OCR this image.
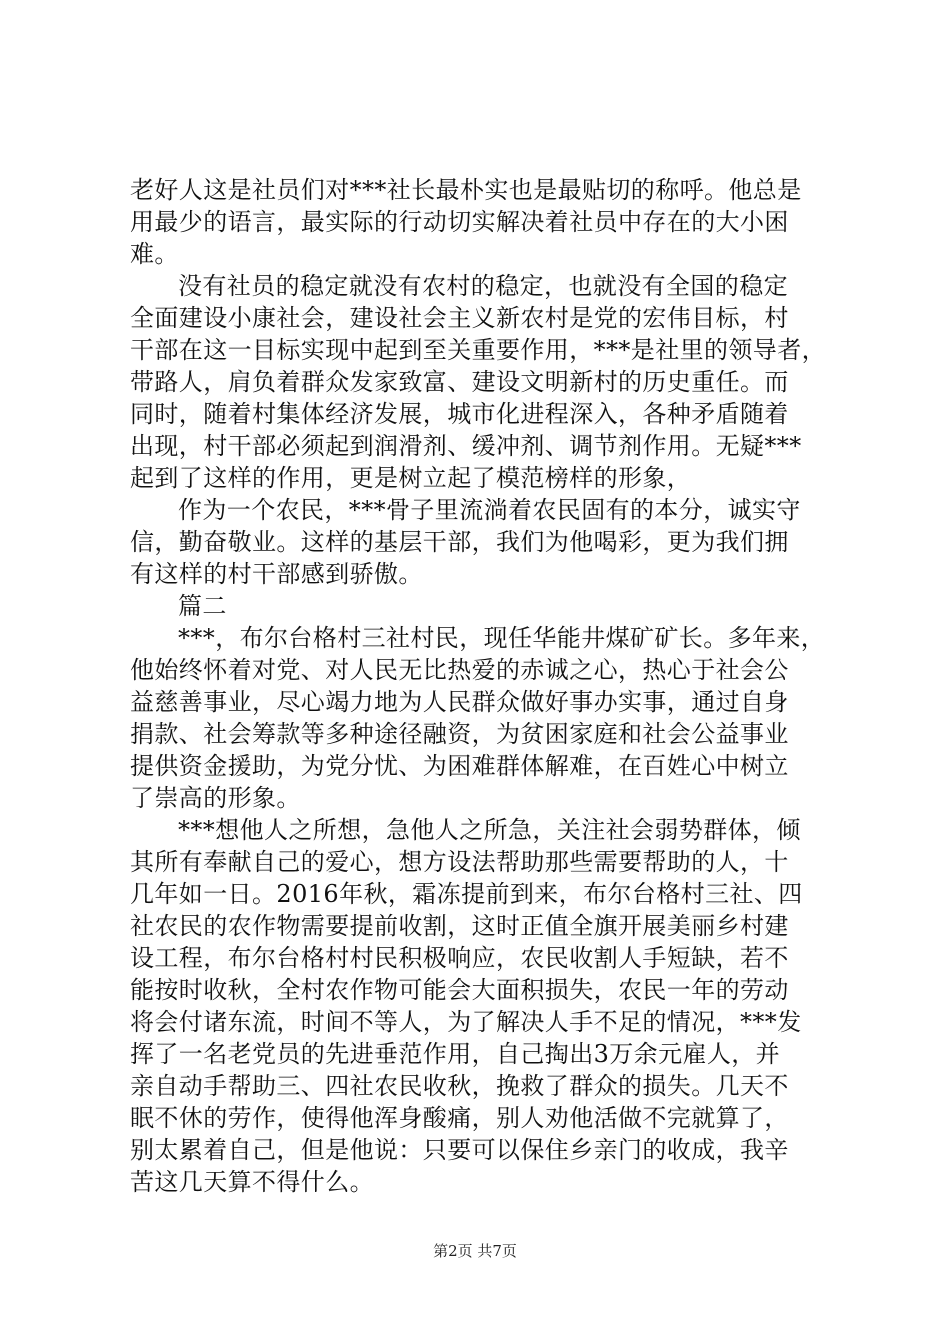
老好人这是社员们对***社长最朴实也是最贴切的称呼。他总是
用最少的语言，最实际的行动切实解决着社员中存在的大小困
难。
没有社员的稳定就没有农村的稳定，也就没有全国的稳定
全面建设小康社会，建设社会主义新农村是党的宏伟目标，村
干部在这一目标实现中起到至关重要作用，***是社里的领导者，
带路人，肩负着群众发家致富、建设文明新村的历史重任。而
同时，随着村集体经济发展，城市化进程深入，各种矛盾随着
出现，村干部必须起到润滑剂、缓冲剂、调节剂作用。无疑***
起到了这样的作用，更是树立起了模范榜样的形象，
作为一个农民，***骨子里流淌着农民固有的本分，诚实守
信，勤奋敬业。这样的基层干部，我们为他喝彩，更为我们拥
有这样的村干部感到骄傲。
篇二
***，布尔台格村三社村民，现任华能井煤矿矿长。多年来，
他始终怀着对党、对人民无比热爱的赤诚之心，热心于社会公
益慈善事业，尽心竭力地为人民群众做好事办实事，通过自身
捐款、社会筹款等多种途径融资，为贫困家庭和社会公益事业
提供资金援助，为党分忧、为困难群体解难，在百姓心中树立
了崇高的形象。
***想他人之所想，急他人之所急，关注社会弱势群体，倾
其所有奉献自己的爱心，想方设法帮助那些需要帮助的人，十
几年如一日。2016年秋，霜冻提前到来，布尔台格村三社、四
社农民的农作物需要提前收割，这时正值全旗开展美丽乡村建
设工程，布尔台格村村民积极响应，农民收割人手短缺，若不
能按时收秋，全村农作物可能会大面积损失，农民一年的劳动
将会付诸东流，时间不等人，为了解决人手不足的情况，***发
挥了一名老党员的先进垂范作用，自己掏出3万余元雇人，并
亲自动手帮助三、四社农民收秋，挽救了群众的损失。几天不
眠不休的劳作，使得他浑身酸痛，别人劝他活做不完就算了，
别太累着自己，但是他说：只要可以保住乡亲门的收成，我辛
苦这几天算不得什么。
第2页 共7页
